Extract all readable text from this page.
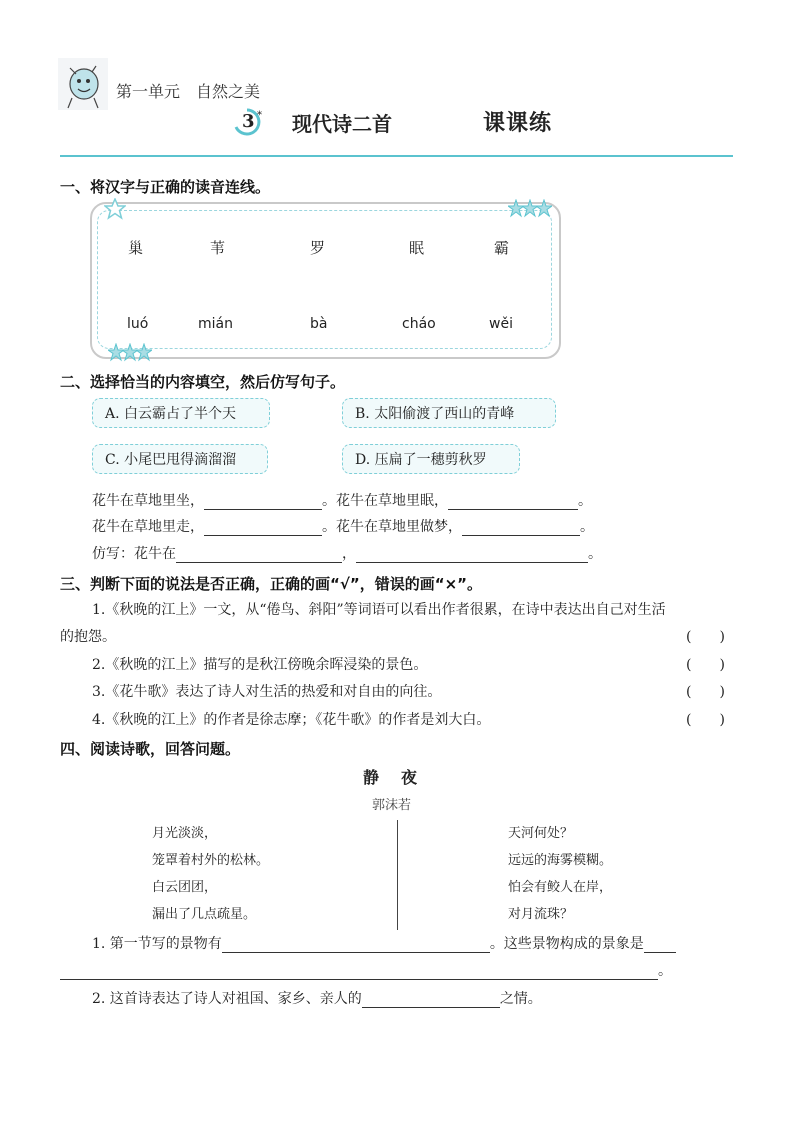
第一单元　自然之美
3 * 现代诗二首	课课练
一、将汉字与正确的读音连线。
巢	苇	罗	眠	霸
luó	mián	bà	cháo	wěi
二、选择恰当的内容填空，然后仿写句子。
A. 白云霸占了半个天	B. 太阳偷渡了西山的青峰
C. 小尾巴甩得滴溜溜	D. 压扁了一穗剪秋罗
花牛在草地里坐，	。花牛在草地里眠，	。
花牛在草地里走，	。花牛在草地里做梦，	。
仿写：花牛在	，	。
三、判断下面的说法是否正确，正确的画“√”，错误的画“×”。
1.《秋晚的江上》一文，从“倦鸟、斜阳”等词语可以看出作者很累，在诗中表达出自己对生活
的抱怨。	(　　)
2.《秋晚的江上》描写的是秋江傍晚余晖浸染的景色。	(　　)
3.《花牛歌》表达了诗人对生活的热爱和对自由的向往。	(　　)
4.《秋晚的江上》的作者是徐志摩；《花牛歌》的作者是刘大白。	(　　)
四、阅读诗歌，回答问题。
静夜
郭沫若
月光淡淡，
笼罩着村外的松林。
白云团团，
漏出了几点疏星。
天河何处？
远远的海雾模糊。
怕会有鲛人在岸，
对月流珠？
1. 第一节写的景物有	。这些景物构成的景象是
。
2. 这首诗表达了诗人对祖国、家乡、亲人的	之情。
